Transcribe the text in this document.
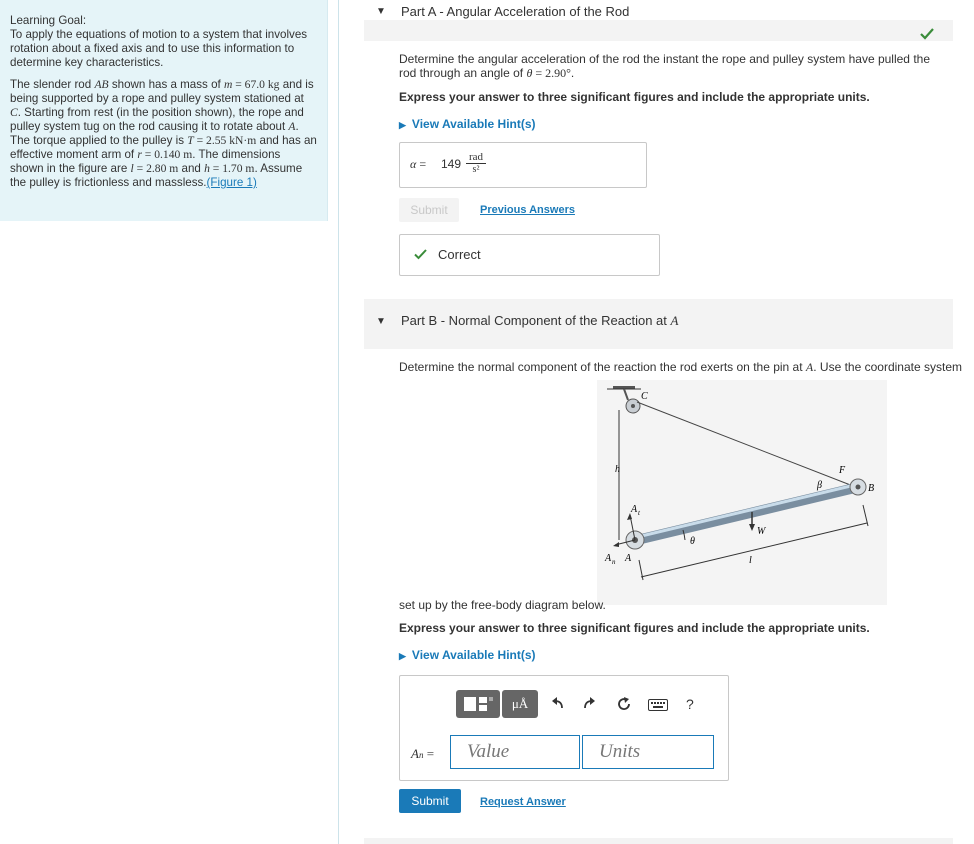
Learning Goal:

To apply the equations of motion to a system that involves rotation about a fixed axis and to use this information to determine key characteristics.

The slender rod AB shown has a mass of m = 67.0 kg and is being supported by a rope and pulley system stationed at C. Starting from rest (in the position shown), the rope and pulley system tug on the rod causing it to rotate about A. The torque applied to the pulley is T = 2.55 kN·m and has an effective moment arm of r = 0.140 m. The dimensions shown in the figure are l = 2.80 m and h = 1.70 m. Assume the pulley is frictionless and massless.(Figure 1)

▼ Part A - Angular Acceleration of the Rod
Determine the angular acceleration of the rod the instant the rope and pulley system have pulled the rod through an angle of θ = 2.90°.
Express your answer to three significant figures and include the appropriate units.
▶ View Available Hint(s)
α = 149 rad
s²
Submit	Previous Answers
Correct
▼ Part B - Normal Component of the Reaction at A
Determine the normal component of the reaction the rod exerts on the pin at A. Use the coordinate system
C
h	F
B
β
A t
A n A
θ
W
l
set up by the free-body diagram below.
Express your answer to three significant figures and include the appropriate units.
▶ View Available Hint(s)
μÅ	?
An = Value	Units
Submit	Request Answer
